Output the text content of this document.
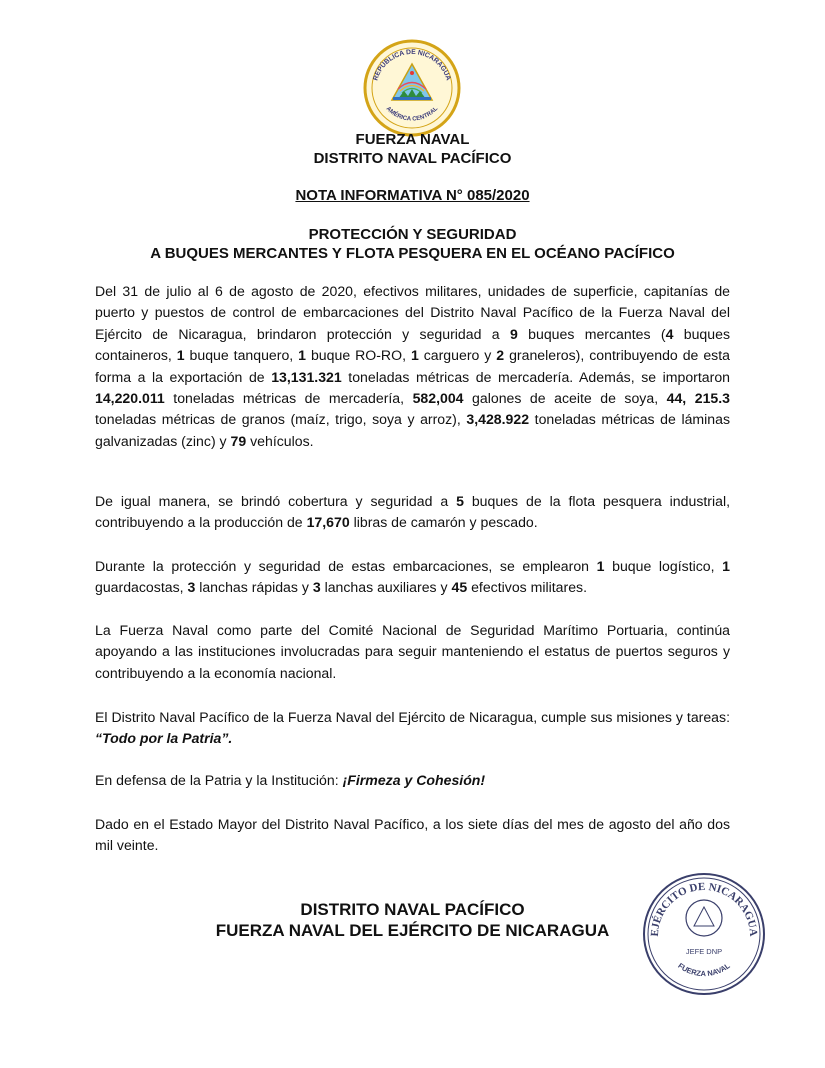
REPÚBLICA DE NICARAGUA
AMÉRICA CENTRAL
FUERZA NAVAL
DISTRITO NAVAL PACÍFICO
NOTA INFORMATIVA N° 085/2020
PROTECCIÓN Y SEGURIDAD
A BUQUES MERCANTES Y FLOTA PESQUERA EN EL OCÉANO PACÍFICO
Del 31 de julio al 6 de agosto de 2020, efectivos militares, unidades de superficie, capitanías de puerto y puestos de control de embarcaciones del Distrito Naval Pacífico de la Fuerza Naval del Ejército de Nicaragua, brindaron protección y seguridad a 9 buques mercantes (4 buques containeros, 1 buque tanquero, 1 buque RO-RO, 1 carguero y 2 graneleros), contribuyendo de esta forma a la exportación de 13,131.321 toneladas métricas de mercadería. Además, se importaron 14,220.011 toneladas métricas de mercadería, 582,004 galones de aceite de soya, 44, 215.3 toneladas métricas de granos (maíz, trigo, soya y arroz), 3,428.922 toneladas métricas de láminas galvanizadas (zinc) y 79 vehículos.
De igual manera, se brindó cobertura y seguridad a 5 buques de la flota pesquera industrial, contribuyendo a la producción de 17,670 libras de camarón y pescado.
Durante la protección y seguridad de estas embarcaciones, se emplearon 1 buque logístico, 1 guardacostas, 3 lanchas rápidas y 3 lanchas auxiliares y 45 efectivos militares.
La Fuerza Naval como parte del Comité Nacional de Seguridad Marítimo Portuaria, continúa apoyando a las instituciones involucradas para seguir manteniendo el estatus de puertos seguros y contribuyendo a la economía nacional.
El Distrito Naval Pacífico de la Fuerza Naval del Ejército de Nicaragua, cumple sus misiones y tareas: “Todo por la Patria”.
En defensa de la Patria y la Institución: ¡Firmeza y Cohesión!
Dado en el Estado Mayor del Distrito Naval Pacífico, a los siete días del mes de agosto del año dos mil veinte.
DISTRITO NAVAL PACÍFICO
FUERZA NAVAL DEL EJÉRCITO DE NICARAGUA	EJÉRCITO DE NICARAGUA
JEFE DNP
FUERZA NAVAL
